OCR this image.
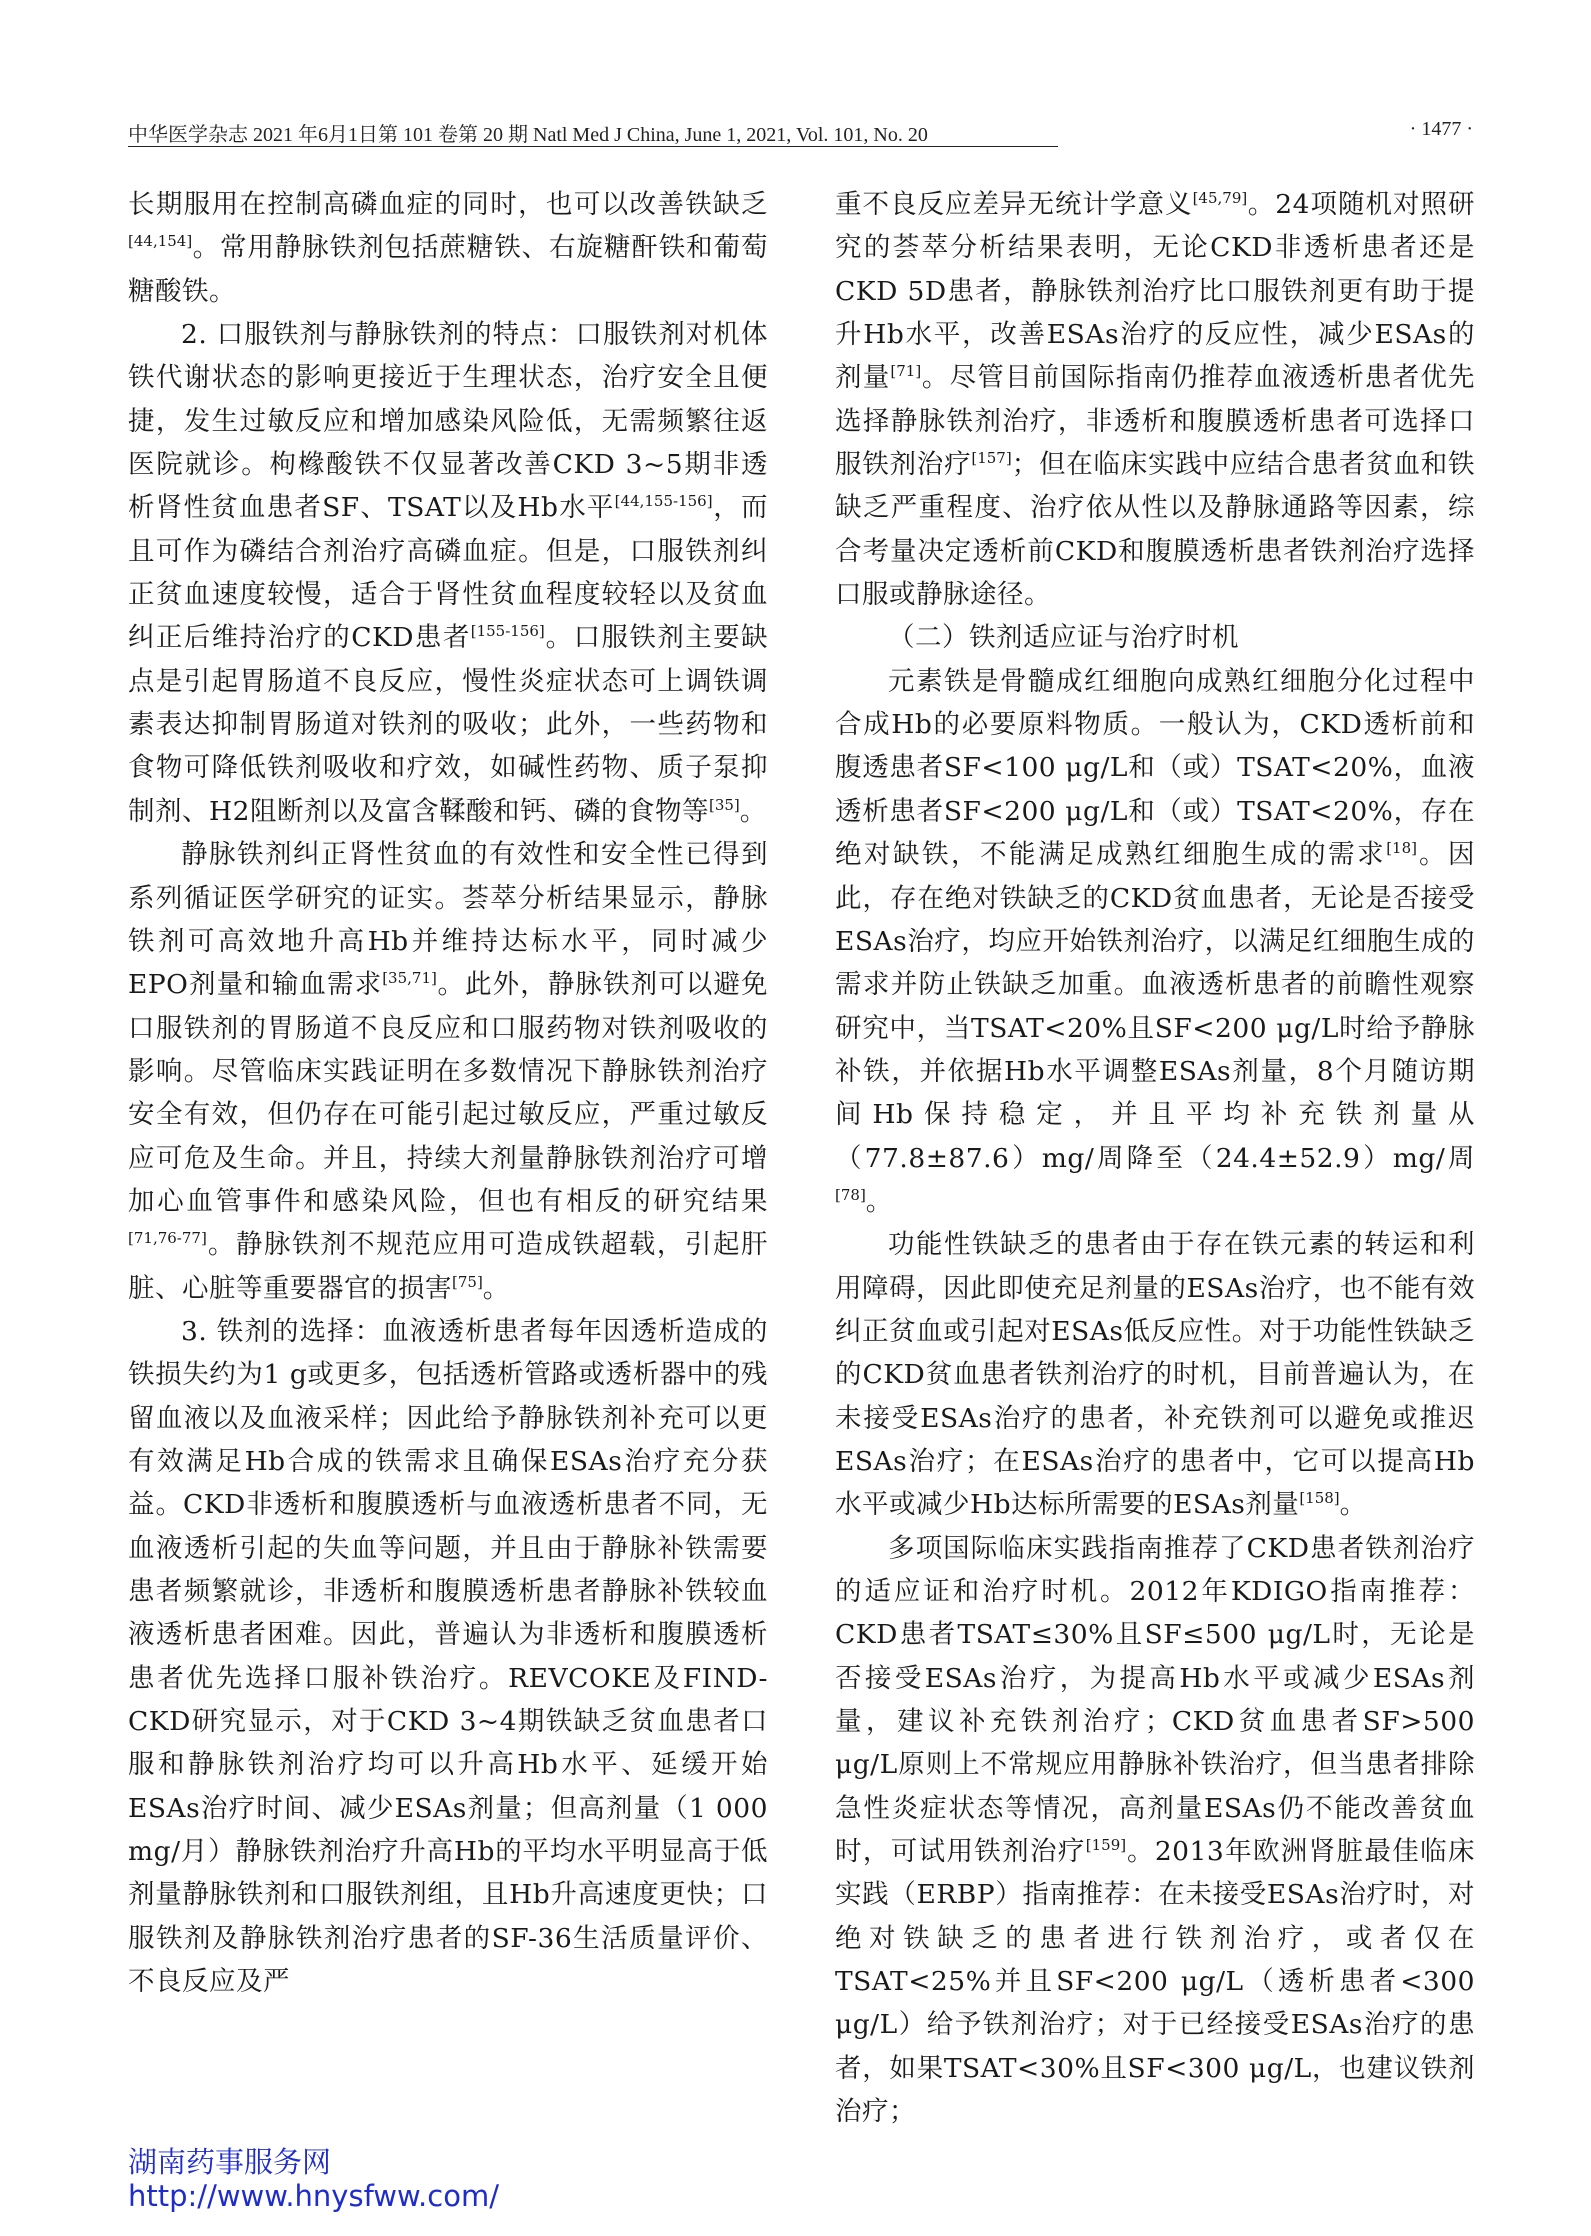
中华医学杂志 2021 年6月1日第 101 卷第 20 期 Natl Med J China, June 1, 2021, Vol. 101, No. 20	· 1477 ·

长期服用在控制高磷血症的同时，也可以改善铁缺乏[44,154]。常用静脉铁剂包括蔗糖铁、右旋糖酐铁和葡萄糖酸铁。

2. 口服铁剂与静脉铁剂的特点：口服铁剂对机体铁代谢状态的影响更接近于生理状态，治疗安全且便捷，发生过敏反应和增加感染风险低，无需频繁往返医院就诊。枸橼酸铁不仅显著改善CKD 3~5期非透析肾性贫血患者SF、TSAT以及Hb水平[44,155-156]，而且可作为磷结合剂治疗高磷血症。但是，口服铁剂纠正贫血速度较慢，适合于肾性贫血程度较轻以及贫血纠正后维持治疗的CKD患者[155-156]。口服铁剂主要缺点是引起胃肠道不良反应，慢性炎症状态可上调铁调素表达抑制胃肠道对铁剂的吸收；此外，一些药物和食物可降低铁剂吸收和疗效，如碱性药物、质子泵抑制剂、H2阻断剂以及富含鞣酸和钙、磷的食物等[35]。

静脉铁剂纠正肾性贫血的有效性和安全性已得到系列循证医学研究的证实。荟萃分析结果显示，静脉铁剂可高效地升高Hb并维持达标水平，同时减少EPO剂量和输血需求[35,71]。此外，静脉铁剂可以避免口服铁剂的胃肠道不良反应和口服药物对铁剂吸收的影响。尽管临床实践证明在多数情况下静脉铁剂治疗安全有效，但仍存在可能引起过敏反应，严重过敏反应可危及生命。并且，持续大剂量静脉铁剂治疗可增加心血管事件和感染风险，但也有相反的研究结果[71,76-77]。静脉铁剂不规范应用可造成铁超载，引起肝脏、心脏等重要器官的损害[75]。

3. 铁剂的选择：血液透析患者每年因透析造成的铁损失约为1 g或更多，包括透析管路或透析器中的残留血液以及血液采样；因此给予静脉铁剂补充可以更有效满足Hb合成的铁需求且确保ESAs治疗充分获益。CKD非透析和腹膜透析与血液透析患者不同，无血液透析引起的失血等问题，并且由于静脉补铁需要患者频繁就诊，非透析和腹膜透析患者静脉补铁较血液透析患者困难。因此，普遍认为非透析和腹膜透析患者优先选择口服补铁治疗。REVCOKE及FIND-CKD研究显示，对于CKD 3~4期铁缺乏贫血患者口服和静脉铁剂治疗均可以升高Hb水平、延缓开始ESAs治疗时间、减少ESAs剂量；但高剂量（1 000 mg/月）静脉铁剂治疗升高Hb的平均水平明显高于低剂量静脉铁剂和口服铁剂组，且Hb升高速度更快；口服铁剂及静脉铁剂治疗患者的SF-36生活质量评价、不良反应及严

重不良反应差异无统计学意义[45,79]。24项随机对照研究的荟萃分析结果表明，无论CKD非透析患者还是CKD 5D患者，静脉铁剂治疗比口服铁剂更有助于提升Hb水平，改善ESAs治疗的反应性，减少ESAs的剂量[71]。尽管目前国际指南仍推荐血液透析患者优先选择静脉铁剂治疗，非透析和腹膜透析患者可选择口服铁剂治疗[157]；但在临床实践中应结合患者贫血和铁缺乏严重程度、治疗依从性以及静脉通路等因素，综合考量决定透析前CKD和腹膜透析患者铁剂治疗选择口服或静脉途径。

（二）铁剂适应证与治疗时机

元素铁是骨髓成红细胞向成熟红细胞分化过程中合成Hb的必要原料物质。一般认为，CKD透析前和腹透患者SF<100 μg/L和（或）TSAT<20%，血液透析患者SF<200 μg/L和（或）TSAT<20%，存在绝对缺铁，不能满足成熟红细胞生成的需求[18]。因此，存在绝对铁缺乏的CKD贫血患者，无论是否接受ESAs治疗，均应开始铁剂治疗，以满足红细胞生成的需求并防止铁缺乏加重。血液透析患者的前瞻性观察研究中，当TSAT<20%且SF<200 μg/L时给予静脉补铁，并依据Hb水平调整ESAs剂量，8个月随访期间Hb保持稳定，并且平均补充铁剂量从（77.8±87.6）mg/周降至（24.4±52.9）mg/周[78]。

功能性铁缺乏的患者由于存在铁元素的转运和利用障碍，因此即使充足剂量的ESAs治疗，也不能有效纠正贫血或引起对ESAs低反应性。对于功能性铁缺乏的CKD贫血患者铁剂治疗的时机，目前普遍认为，在未接受ESAs治疗的患者，补充铁剂可以避免或推迟ESAs治疗；在ESAs治疗的患者中，它可以提高Hb水平或减少Hb达标所需要的ESAs剂量[158]。

多项国际临床实践指南推荐了CKD患者铁剂治疗的适应证和治疗时机。2012年KDIGO指南推荐：CKD患者TSAT≤30%且SF≤500 μg/L时，无论是否接受ESAs治疗，为提高Hb水平或减少ESAs剂量，建议补充铁剂治疗；CKD贫血患者SF>500 μg/L原则上不常规应用静脉补铁治疗，但当患者排除急性炎症状态等情况，高剂量ESAs仍不能改善贫血时，可试用铁剂治疗[159]。2013年欧洲肾脏最佳临床实践（ERBP）指南推荐：在未接受ESAs治疗时，对绝对铁缺乏的患者进行铁剂治疗，或者仅在TSAT<25%并且SF<200 μg/L（透析患者<300 μg/L）给予铁剂治疗；对于已经接受ESAs治疗的患者，如果TSAT<30%且SF<300 μg/L，也建议铁剂治疗；

湖南药事服务网
http://www.hnysfww.com/
